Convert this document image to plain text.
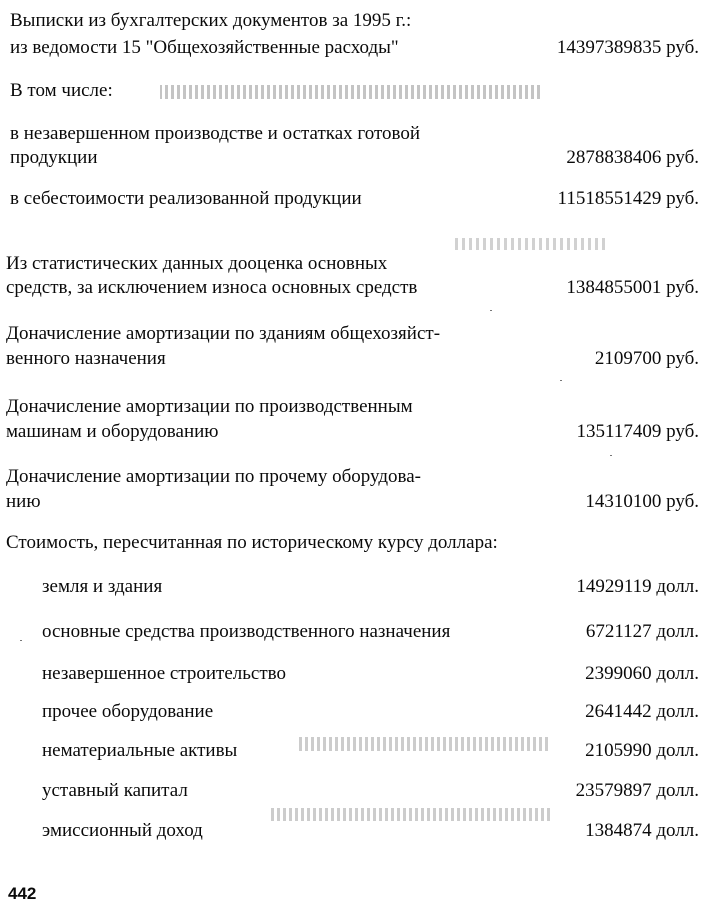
Выписки из бухгалтерских документов за 1995 г.:
из ведомости 15 "Общехозяйственные расходы"	14397389835 руб.
В том числе:
в незавершенном производстве и остатках готовой
продукции	2878838406 руб.
в себестоимости реализованной продукции	11518551429 руб.
Из статистических данных дооценка основных
средств, за исключением износа основных средств	1384855001 руб.
Доначисление амортизации по зданиям общехозяйст-
венного назначения	2109700 руб.
Доначисление амортизации по производственным
машинам и оборудованию	135117409 руб.
Доначисление амортизации по прочему оборудова-
нию	14310100 руб.
Стоимость, пересчитанная по историческому курсу доллара:
земля и здания	14929119 долл.
основные средства производственного назначения	6721127 долл.
незавершенное строительство	2399060 долл.
прочее оборудование	2641442 долл.
нематериальные активы	2105990 долл.
уставный капитал	23579897 долл.
эмиссионный доход	1384874 долл.
442
